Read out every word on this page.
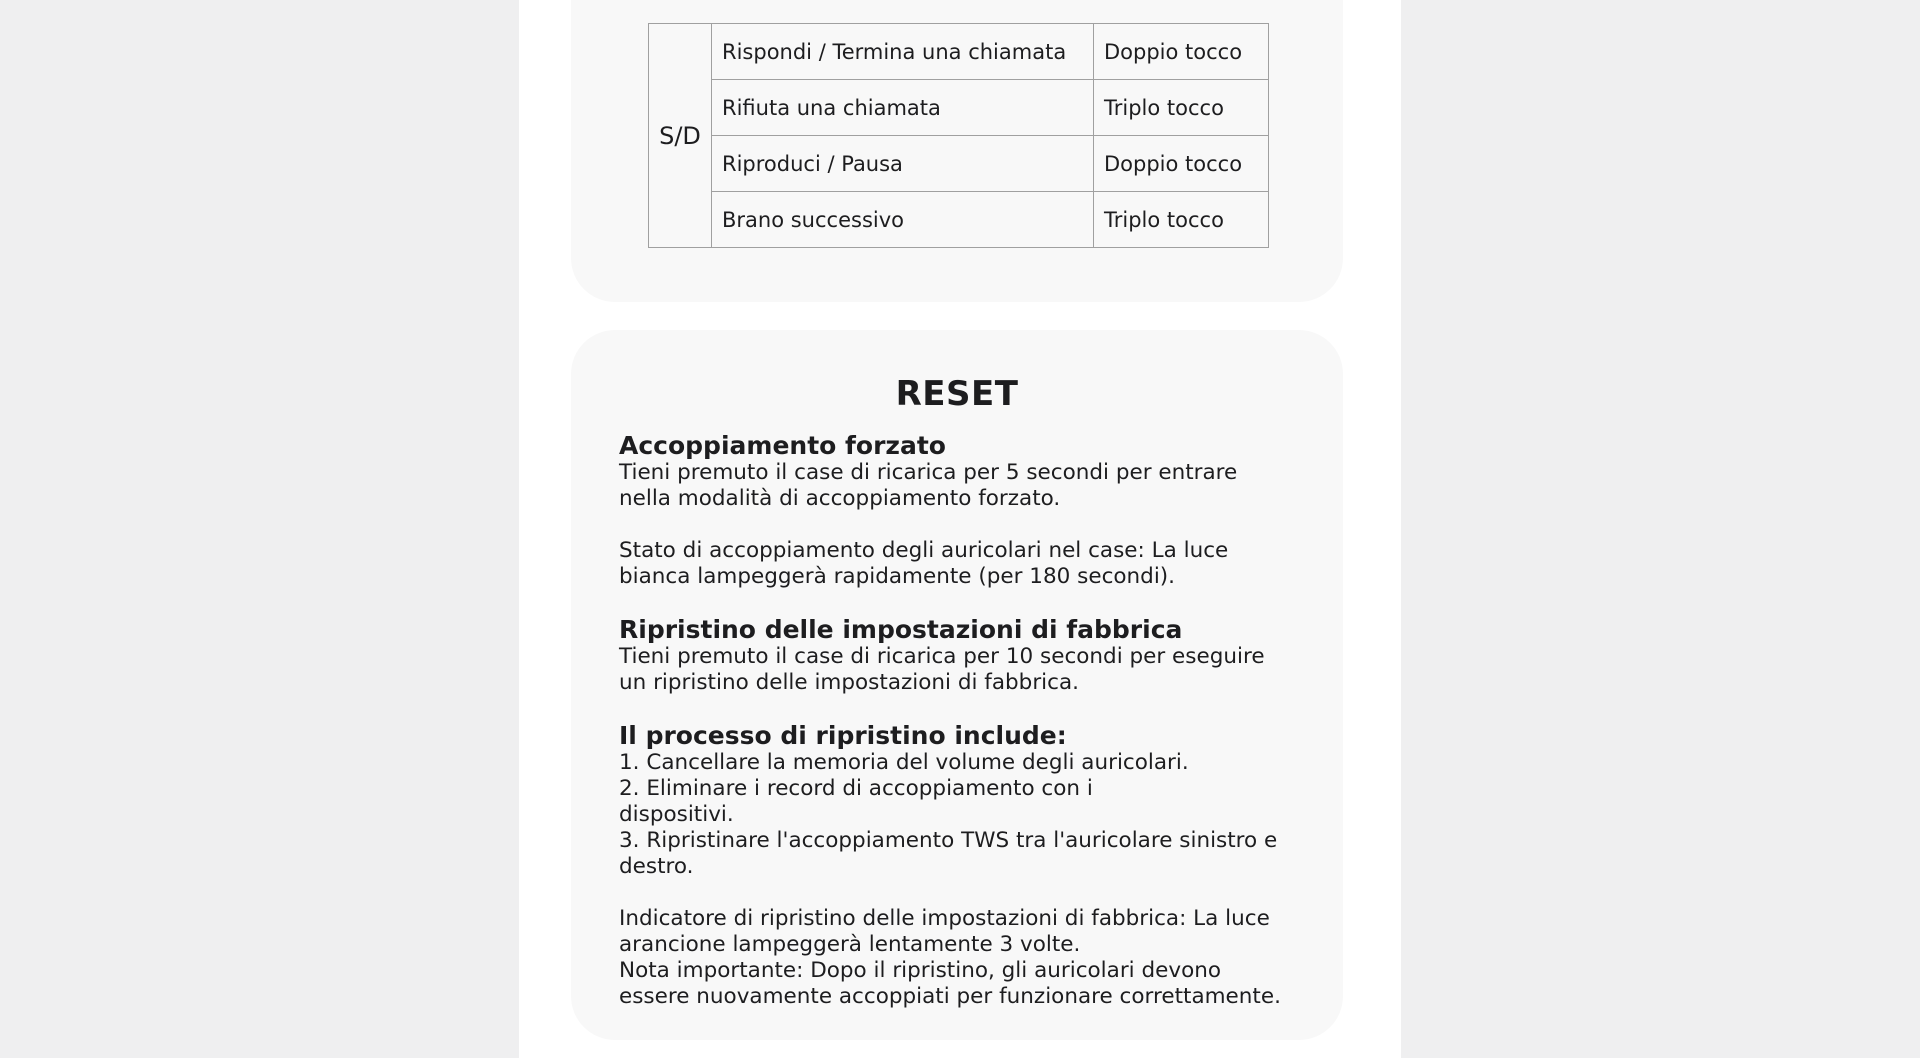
S/D	Rispondi / Termina una chiamata	Doppio tocco
	Rifiuta una chiamata	Triplo tocco
	Riproduci / Pausa	Doppio tocco
	Brano successivo	Triplo tocco
RESET

Accoppiamento forzato

Tieni premuto il case di ricarica per 5 secondi per entrare nella modalità di accoppiamento forzato.

Stato di accoppiamento degli auricolari nel case: La luce bianca lampeggerà rapidamente (per 180 secondi).

Ripristino delle impostazioni di fabbrica

Tieni premuto il case di ricarica per 10 secondi per eseguire un ripristino delle impostazioni di fabbrica.

Il processo di ripristino include:

1. Cancellare la memoria del volume degli auricolari.

2. Eliminare i record di accoppiamento con i

dispositivi.

3. Ripristinare l'accoppiamento TWS tra l'auricolare sinistro e destro.

Indicatore di ripristino delle impostazioni di fabbrica: La luce arancione lampeggerà lentamente 3 volte.

Nota importante: Dopo il ripristino, gli auricolari devono essere nuovamente accoppiati per funzionare correttamente.
